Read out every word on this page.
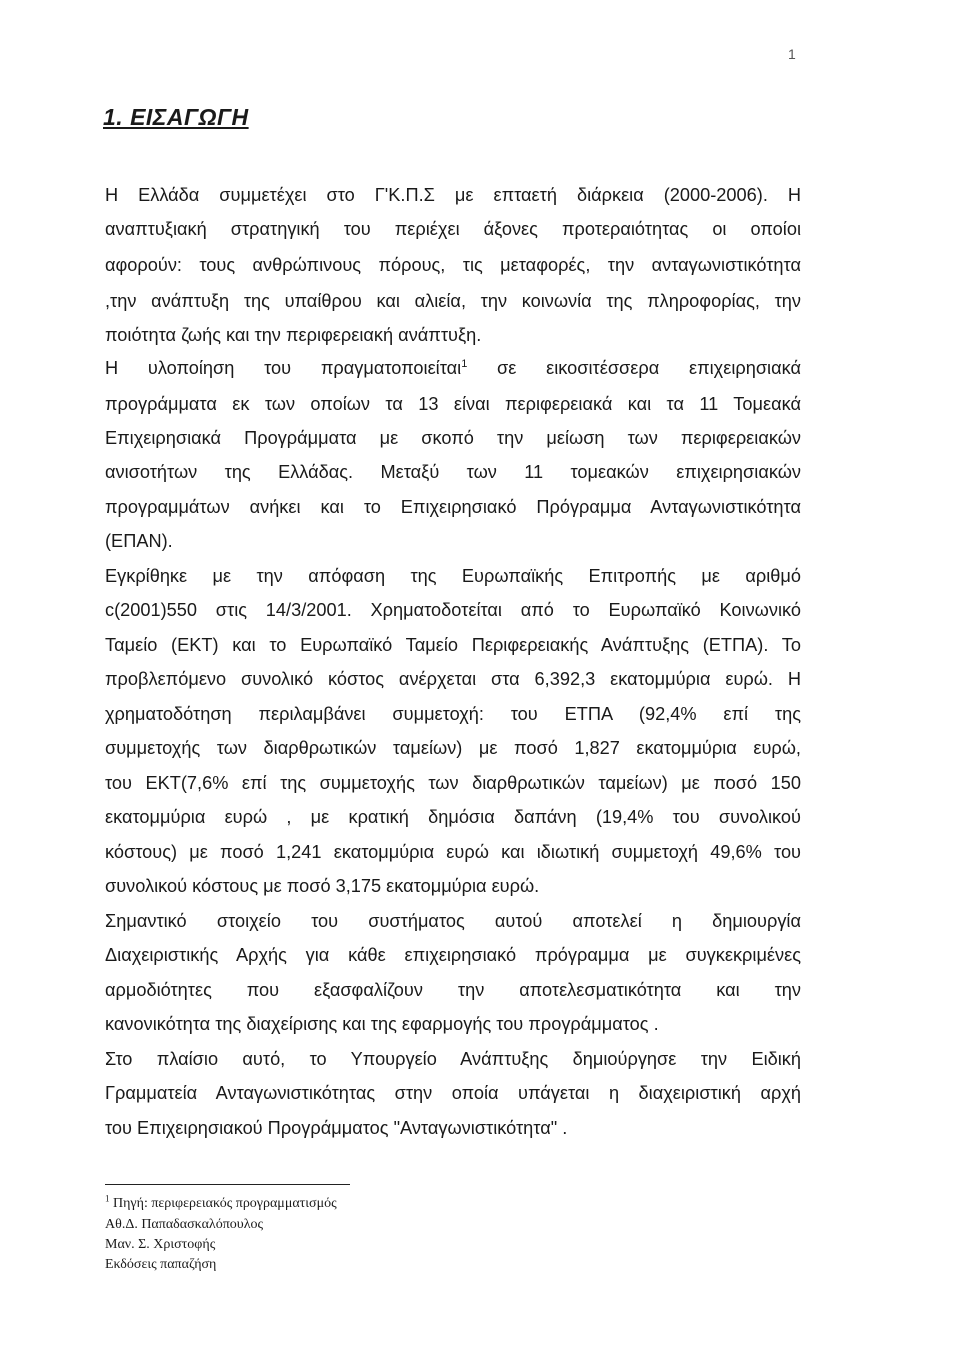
1
1. ΕΙΣΑΓΩΓΗ
Η Ελλάδα συμμετέχει στο Γ'Κ.Π.Σ με επταετή διάρκεια (2000-2006). Η
αναπτυξιακή στρατηγική του περιέχει άξονες προτεραιότητας οι οποίοι
αφορούν: τους ανθρώπινους πόρους, τις μεταφορές, την ανταγωνιστικότητα
,την ανάπτυξη της υπαίθρου και αλιεία, την κοινωνία της πληροφορίας, την
ποιότητα ζωής και την περιφερειακή ανάπτυξη.
Η υλοποίηση του πραγματοποιείται$^1$ σε εικοσιτέσσερα επιχειρησιακά
προγράμματα εκ των οποίων τα 13 είναι περιφερειακά και τα 11 Τομεακά
Επιχειρησιακά Προγράμματα με σκοπό την μείωση των περιφερειακών
ανισοτήτων της Ελλάδας. Μεταξύ των 11 τομεακών επιχειρησιακών
προγραμμάτων ανήκει και το Επιχειρησιακό Πρόγραμμα Ανταγωνιστικότητα
(ΕΠΑΝ).
Εγκρίθηκε με την απόφαση της Ευρωπαϊκής Επιτροπής με αριθμό
c(2001)550 στις 14/3/2001. Χρηματοδοτείται από το Ευρωπαϊκό Κοινωνικό
Ταμείο (ΕΚΤ) και το Ευρωπαϊκό Ταμείο Περιφερειακής Ανάπτυξης (ΕΤΠΑ). Το
προβλεπόμενο συνολικό κόστος ανέρχεται στα 6,392,3 εκατομμύρια ευρώ. Η
χρηματοδότηση περιλαμβάνει συμμετοχή: του ΕΤΠΑ (92,4% επί της
συμμετοχής των διαρθρωτικών ταμείων) με ποσό 1,827 εκατομμύρια ευρώ,
του ΕΚΤ(7,6% επί της συμμετοχής των διαρθρωτικών ταμείων) με ποσό 150
εκατομμύρια ευρώ , με κρατική δημόσια δαπάνη (19,4% του συνολικού
κόστους) με ποσό 1,241 εκατομμύρια ευρώ και ιδιωτική συμμετοχή 49,6% του
συνολικού κόστους με ποσό 3,175 εκατομμύρια ευρώ.
Σημαντικό στοιχείο του συστήματος αυτού αποτελεί η δημιουργία
Διαχειριστικής Αρχής για κάθε επιχειρησιακό πρόγραμμα με συγκεκριμένες
αρμοδιότητες που εξασφαλίζουν την αποτελεσματικότητα και την
κανονικότητα της διαχείρισης και της εφαρμογής του προγράμματος .
Στο πλαίσιο αυτό, το Υπουργείο Ανάπτυξης δημιούργησε την Ειδική
Γραμματεία Ανταγωνιστικότητας στην οποία υπάγεται η διαχειριστική αρχή
του Επιχειρησιακού Προγράμματος "Ανταγωνιστικότητα" .
$^1$ Πηγή: περιφερειακός προγραμματισμός
Αθ.Δ. Παπαδασκαλόπουλος
Μαν. Σ. Χριστοφής
Εκδόσεις παπαζήση
